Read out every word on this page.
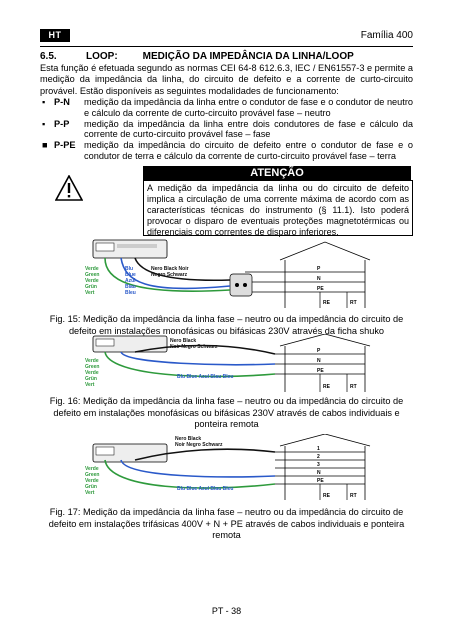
HT	Família 400
6.5.	LOOP:         MEDIÇÃO DA IMPEDÂNCIA DA LINHA/LOOP
Esta função é efetuada segundo as normas CEI 64-8 612.6.3, IEC / EN61557-3 e permite a medição da impedância da linha, do circuito de defeito e a corrente de curto-circuito provável. Estão disponíveis as seguintes modalidades de funcionamento:
▪ P-N medição da impedância da linha entre o condutor de fase e o condutor de neutro e cálculo da corrente de curto-circuito provável fase – neutro
▪ P-P medição da impedância da linha entre dois condutores de fase e cálculo da corrente de curto-circuito provável fase – fase
■ P-PE medição da impedância do circuito de defeito entre o condutor de fase e o condutor de terra e cálculo da corrente de curto-circuito provável fase – terra
ATENÇÃO
A medição da impedância da linha ou do circuito de defeito implica a circulação de uma corrente máxima de acordo com as características técnicas do instrumento (§ 11.1). Isto poderá provocar o disparo de eventuais proteções magnetotérmicas ou diferenciais com correntes de disparo inferiores.
P
N
PE
RE	RT
Verde
Green
Verde
Grün
Vert
Blu
Blue
Azul
Blau
Bleu
Nero Black Noir
Negro Schwarz
Fig. 15: Medição da impedância da linha fase – neutro ou da impedância do circuito de defeito em instalações monofásicas ou bifásicas 230V através da ficha shuko
P
N
PE
RE	RT
Nero Black
Noir Negro Schwarz
Verde
Green
Verde
Grün
Vert
Blu Blue Azul Blau Bleu
Fig. 16: Medição da impedância da linha fase – neutro ou da impedância do circuito de defeito em instalações monofásicas ou bifásicas 230V através de cabos individuais e ponteira remota
1
2
3
N
PE
RE	RT
Nero Black
Noir Negro Schwarz
Verde
Green
Verde
Grün
Vert
Blu Blue Azul Blau Bleu
Fig. 17: Medição da impedância da linha fase – neutro ou da impedância do circuito de defeito em instalações trifásicas 400V + N + PE através de cabos individuais e ponteira remota
PT - 38
